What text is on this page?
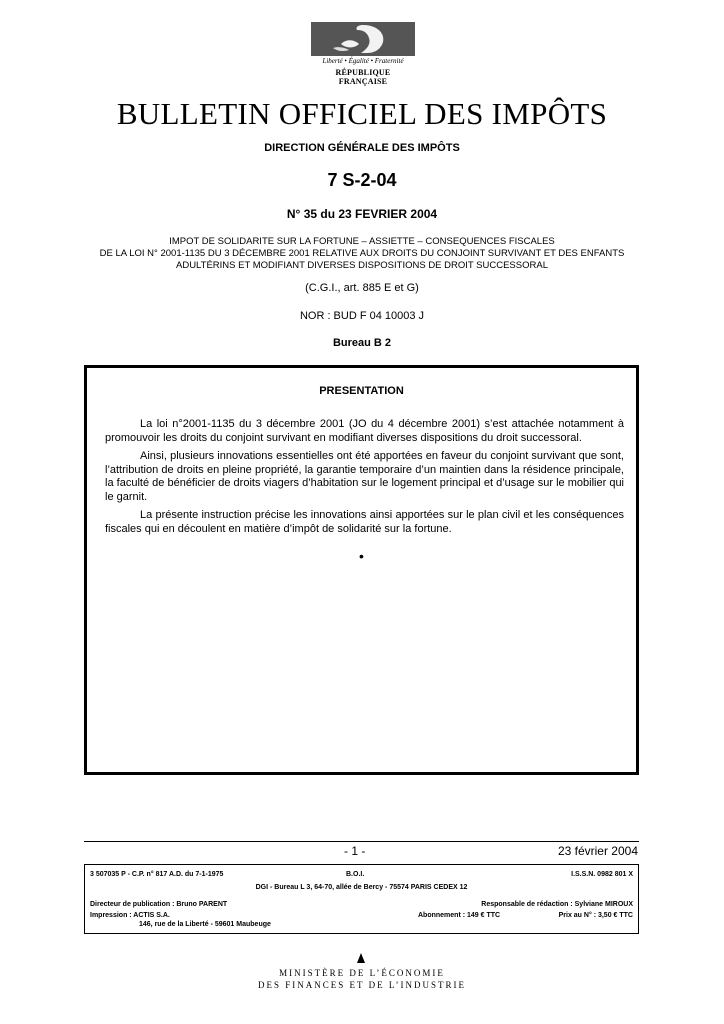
Liberté • Égalité • Fraternité
RÉPUBLIQUE FRANÇAISE
BULLETIN OFFICIEL DES IMPÔTS
DIRECTION GÉNÉRALE DES IMPÔTS
7 S-2-04
N° 35 du 23 FEVRIER 2004
IMPOT DE SOLIDARITE SUR LA FORTUNE – ASSIETTE – CONSEQUENCES FISCALES
DE LA LOI N° 2001-1135 DU 3 DÉCEMBRE 2001 RELATIVE AUX DROITS DU CONJOINT SURVIVANT ET DES ENFANTS
ADULTÉRINS ET MODIFIANT DIVERSES DISPOSITIONS DE DROIT SUCCESSORAL
(C.G.I., art. 885 E et G)
NOR : BUD F 04 10003 J
Bureau B 2
PRESENTATION

La loi n°2001-1135 du 3 décembre 2001 (JO du 4 décembre 2001) s’est attachée notamment à promouvoir les droits du conjoint survivant en modifiant diverses dispositions du droit successoral.

Ainsi, plusieurs innovations essentielles ont été apportées en faveur du conjoint survivant que sont, l’attribution de droits en pleine propriété, la garantie temporaire d’un maintien dans la résidence principale, la faculté de bénéficier de droits viagers d’habitation sur le logement principal et d’usage sur le mobilier qui le garnit.

La présente instruction précise les innovations ainsi apportées sur le plan civil et les conséquences fiscales qui en découlent en matière d’impôt de solidarité sur la fortune.

•
- 1 -	23 février 2004
3 507035 P - C.P. n° 817 A.D. du 7-1-1975	B.O.I.	I.S.S.N. 0982 801 X
DGI - Bureau L 3, 64-70, allée de Bercy - 75574 PARIS CEDEX 12
Directeur de publication : Bruno PARENT	Responsable de rédaction : Sylviane MIROUX
Impression : ACTIS S.A.	Abonnement : 149 € TTC	Prix au N° : 3,50 € TTC
146, rue de la Liberté - 59601 Maubeuge
MINISTÈRE DE L’ÉCONOMIE
DES FINANCES ET DE L’INDUSTRIE
